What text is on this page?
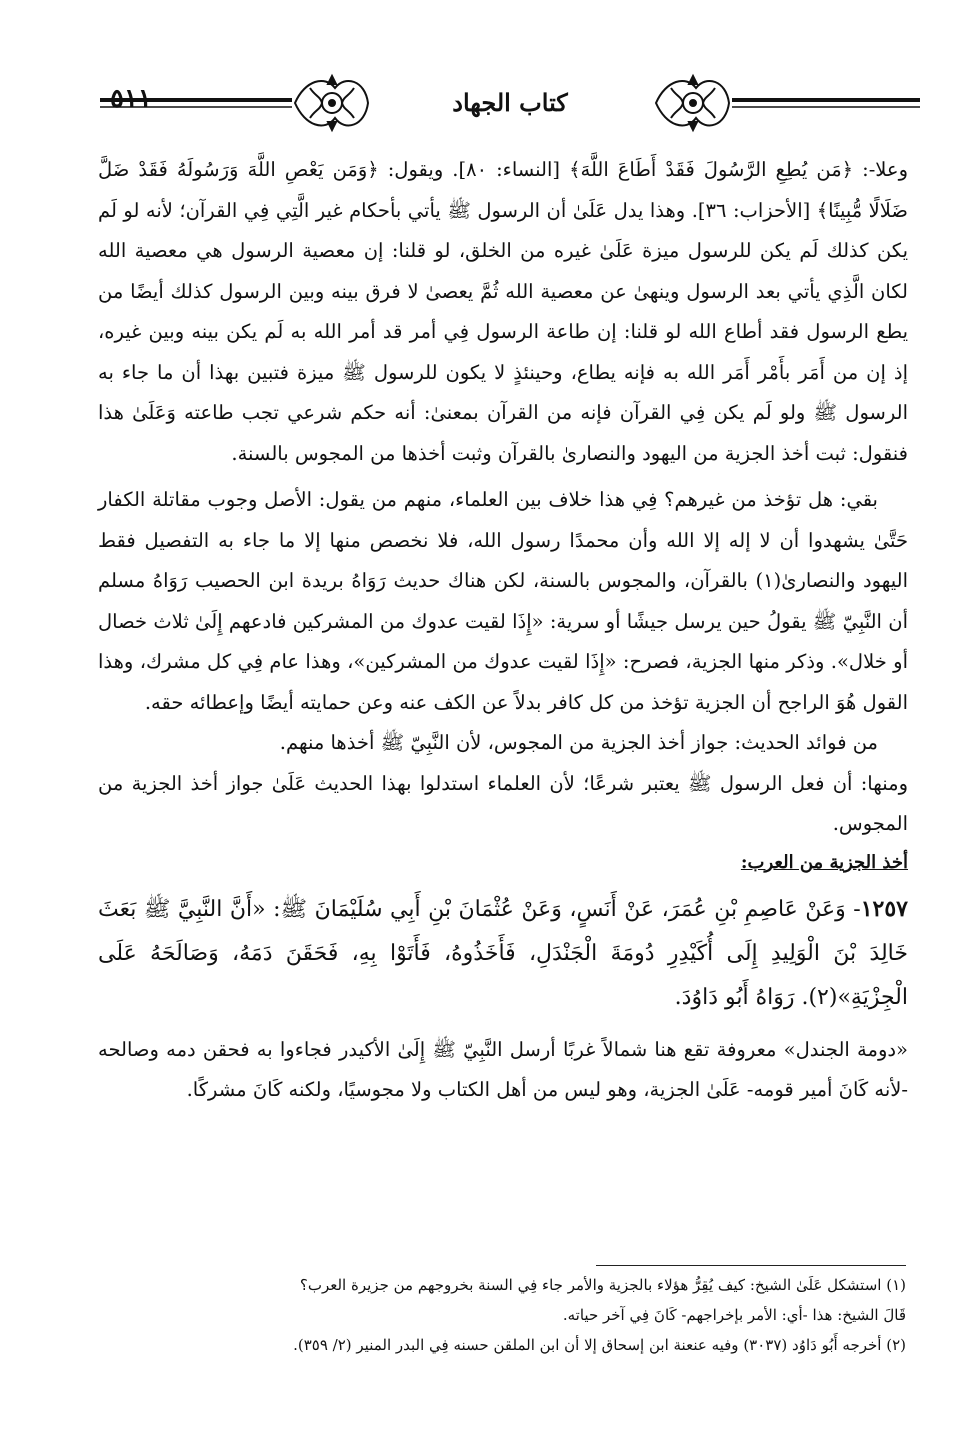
٥١١	كتاب الجهاد

وعلا-: ﴿مَن يُطِعِ الرَّسُولَ فَقَدْ أَطَاعَ اللَّهَ﴾ [النساء: ٨٠]. ويقول: ﴿وَمَن يَعْصِ اللَّهَ وَرَسُولَهُ فَقَدْ ضَلَّ ضَلَالًا مُّبِينًا﴾ [الأحزاب: ٣٦]. وهذا يدل عَلَىٰ أن الرسول ﷺ يأتي بأحكام غير الَّتِي فِي القرآن؛ لأنه لو لَم يكن كذلك لَم يكن للرسول ميزة عَلَىٰ غيره من الخلق، لو قلنا: إن معصية الرسول هي معصية الله لكان الَّذِي يأتي بعد الرسول وينهىٰ عن معصية الله ثُمَّ يعصىٰ لا فرق بينه وبين الرسول كذلك أيضًا من يطع الرسول فقد أطاع الله لو قلنا: إن طاعة الرسول فِي أمر قد أمر الله به لَم يكن بينه وبين غيره، إذ إن من أَمَر بأَمْر أَمَر الله به فإنه يطاع، وحينئذٍ لا يكون للرسول ﷺ ميزة فتبين بهذا أن ما جاء به الرسول ﷺ ولو لَم يكن فِي القرآن فإنه من القرآن بمعنىٰ: أنه حكم شرعي تجب طاعته وَعَلَىٰ هذا فنقول: ثبت أخذ الجزية من اليهود والنصارىٰ بالقرآن وثبت أخذها من المجوس بالسنة.

بقي: هل تؤخذ من غيرهم؟ فِي هذا خلاف بين العلماء، منهم من يقول: الأصل وجوب مقاتلة الكفار حَتَّىٰ يشهدوا أن لا إله إلا الله وأن محمدًا رسول الله، فلا نخصص منها إلا ما جاء به التفصيل فقط اليهود والنصارىٰ(١) بالقرآن، والمجوس بالسنة، لكن هناك حديث رَوَاهُ بريدة ابن الحصيب رَوَاهُ مسلم أن النَّبِيّ ﷺ يقولُ حين يرسل جيشًا أو سرية: «إِذَا لقيت عدوك من المشركين فادعهم إِلَىٰ ثلاث خصال أو خلال». وذكر منها الجزية، فصرح: «إِذَا لقيت عدوك من المشركين»، وهذا عام فِي كل مشرك، وهذا القول هُوَ الراجح أن الجزية تؤخذ من كل كافر بدلاً عن الكف عنه وعن حمايته أيضًا وإعطائه حقه.

من فوائد الحديث: جواز أخذ الجزية من المجوس، لأن النَّبِيّ ﷺ أخذها منهم.

ومنها: أن فعل الرسول ﷺ يعتبر شرعًا؛ لأن العلماء استدلوا بهذا الحديث عَلَىٰ جواز أخذ الجزية من المجوس.

أخذ الجزية من العرب:

١٢٥٧- وَعَنْ عَاصِمِ بْنِ عُمَرَ، عَنْ أَنَسٍ، وَعَنْ عُثْمَانَ بْنِ أَبِي سُلَيْمَانَ ﷺ: «أَنَّ النَّبِيَّ ﷺ بَعَثَ خَالِدَ بْنَ الْوَلِيدِ إِلَى أُكَيْدِرِ دُومَةَ الْجَنْدَلِ، فَأَخَذُوهُ، فَأَتَوْا بِهِ، فَحَقَنَ دَمَهُ، وَصَالَحَهُ عَلَى الْجِزْيَةِ»(٢). رَوَاهُ أَبُو دَاوُدَ.

«دومة الجندل» معروفة تقع هنا شمالاً غربًا أرسل النَّبِيّ ﷺ إِلَىٰ الأكيدر فجاءوا به فحقن دمه وصالحه -لأنه كَانَ أمير قومه- عَلَىٰ الجزية، وهو ليس من أهل الكتاب ولا مجوسيًا، ولكنه كَانَ مشركًا.

(١) استشكل عَلَىٰ الشيخ: كيف يُقِرُّ هؤلاء بالجزية والأمر جاء فِي السنة بخروجهم من جزيرة العرب؟

قَالَ الشيخ: هذا -أي: الأمر بإخراجهم- كَانَ فِي آخر حياته.

(٢) أخرجه أَبُو دَاوُد (٣٠٣٧) وفيه عنعنة ابن إسحاق إلا أن ابن الملقن حسنه فِي البدر المنير (٢/ ٣٥٩).
